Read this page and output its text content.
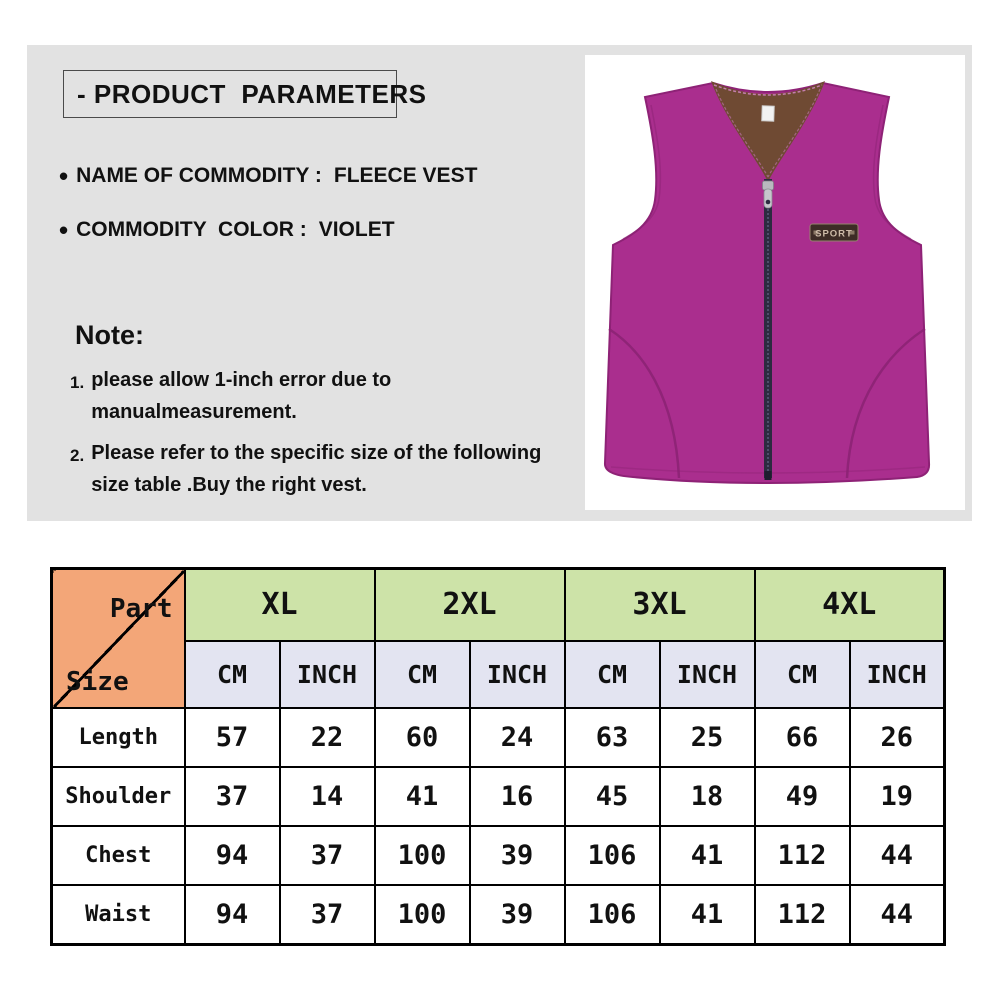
- PRODUCT  PARAMETERS
• NAME OF COMMODITY : FLEECE VEST
• COMMODITY  COLOR : VIOLET
Note:
1. please allow 1-inch error due to
manualmeasurement.
2. Please refer to the specific size of the following
size table .Buy the right vest.
SPORT
Part
Size	XL		2XL		3XL		4XL	
	CM	INCH	CM	INCH	CM	INCH	CM	INCH
Length	57	22	60	24	63	25	66	26
Shoulder	37	14	41	16	45	18	49	19
Chest	94	37	100	39	106	41	112	44
Waist	94	37	100	39	106	41	112	44
